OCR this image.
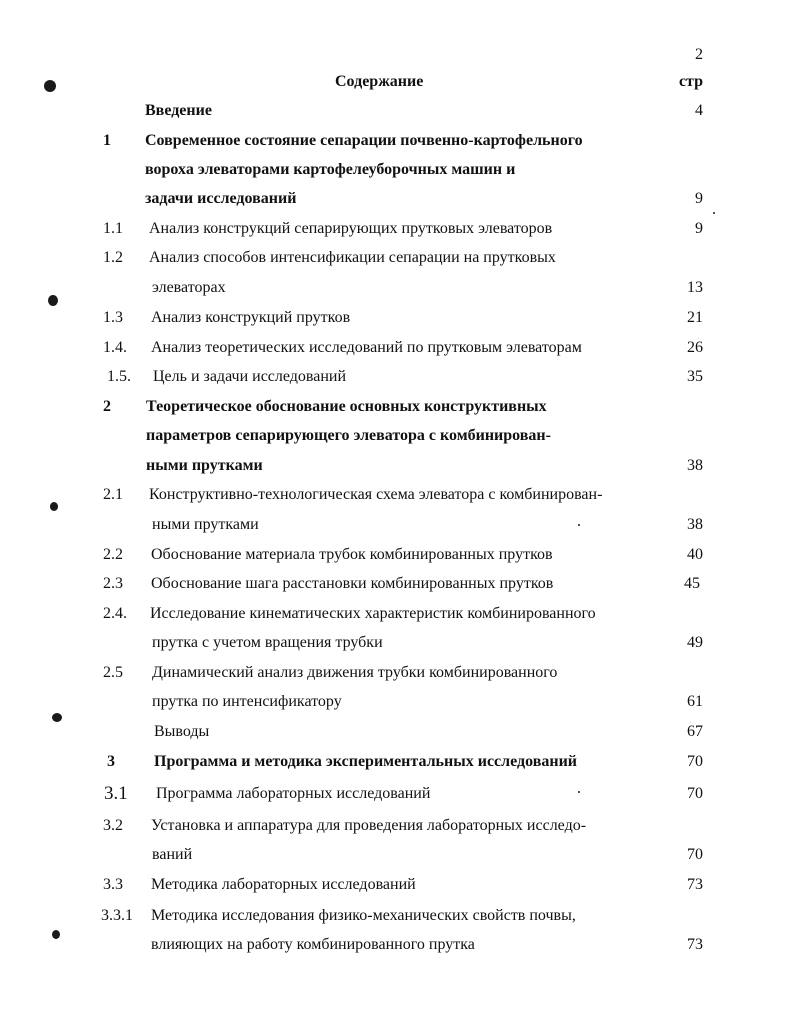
2
Содержание	стр
Введение	4
1 Современное состояние сепарации почвенно-картофельного
вороха элеваторами картофелеуборочных машин и
задачи исследований	9
1.1 Анализ конструкций сепарирующих прутковых элеваторов	9
1.2 Анализ способов интенсификации сепарации на прутковых
элеваторах	13
1.3 Анализ конструкций прутков	21
1.4. Анализ теоретических исследований по прутковым элеваторам	26
1.5. Цель и задачи исследований	35
2 Теоретическое обоснование основных конструктивных
параметров сепарирующего элеватора с комбинирован-
ными прутками	38
2.1 Конструктивно-технологическая схема элеватора с комбинирован-
ными прутками	38
2.2 Обоснование материала трубок комбинированных прутков	40
2.3 Обоснование шага расстановки комбинированных прутков	45
2.4. Исследование кинематических характеристик комбинированного
прутка с учетом вращения трубки	49
2.5 Динамический анализ движения трубки комбинированного
прутка по интенсификатору	61
Выводы	67
3 Программа и методика экспериментальных исследований	70
3.1 Программа лабораторных исследований	70
3.2 Установка и аппаратура для проведения лабораторных исследо-
ваний	70
3.3 Методика лабораторных исследований	73
3.3.1 Методика исследования физико-механических свойств почвы,
влияющих на работу комбинированного прутка	73
